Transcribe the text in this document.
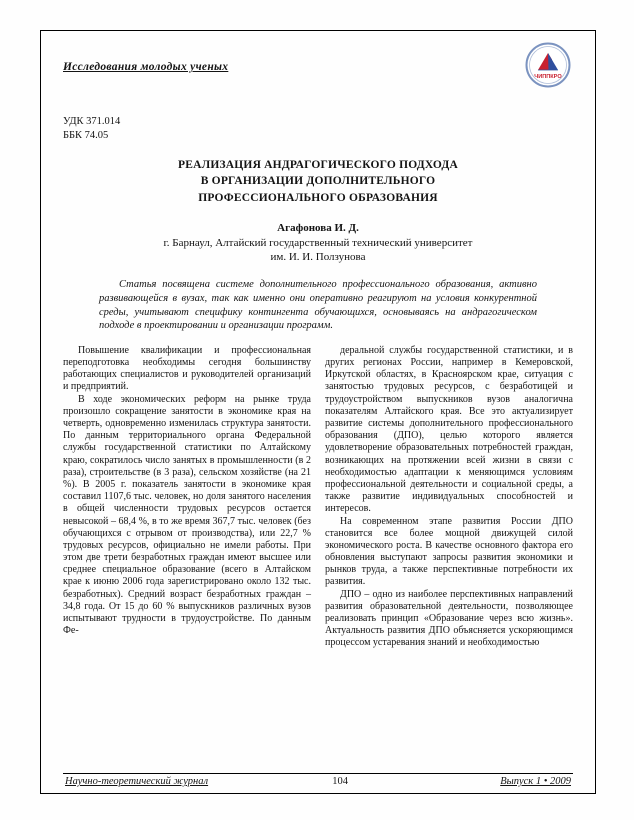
Исследования молодых ученых
ЧИППКРО
УДК 371.014
ББК 74.05
РЕАЛИЗАЦИЯ АНДРАГОГИЧЕСКОГО ПОДХОДА
В ОРГАНИЗАЦИИ ДОПОЛНИТЕЛЬНОГО
ПРОФЕССИОНАЛЬНОГО ОБРАЗОВАНИЯ
Агафонова И. Д.
г. Барнаул, Алтайский государственный технический университет
им. И. И. Ползунова
Статья посвящена системе дополнительного профессионального образования, активно развивающейся в вузах, так как именно они оперативно реагируют на условия конкурентной среды, учитывают специфику контингента обучающихся, основываясь на андрагогическом подходе в проектировании и организации программ.

Повышение квалификации и профессиональная переподготовка необходимы сегодня большинству работающих специалистов и руководителей организаций и предприятий.

В ходе экономических реформ на рынке труда произошло сокращение занятости в экономике края на четверть, одновременно изменилась структура занятости. По данным территориального органа Федеральной службы государственной статистики по Алтайскому краю, сократилось число занятых в промышленности (в 2 раза), строительстве (в 3 раза), сельском хозяйстве (на 21 %). В 2005 г. показатель занятости в экономике края составил 1107,6 тыс. человек, но доля занятого населения в общей численности трудовых ресурсов остается невысокой – 68,4 %, в то же время 367,7 тыс. человек (без обучающихся с отрывом от производства), или 22,7 % трудовых ресурсов, официально не имели работы. При этом две трети безработных граждан имеют высшее или среднее специальное образование (всего в Алтайском крае к июню 2006 года зарегистрировано около 132 тыс. безработных). Средний возраст безработных граждан – 34,8 года. От 15 до 60 % выпускников различных вузов испытывают трудности в трудоустройстве. По данным Фе-

деральной службы государственной статистики, и в других регионах России, например в Кемеровской, Иркутской областях, в Красноярском крае, ситуация с занятостью трудовых ресурсов, с безработицей и трудоустройством выпускников вузов аналогична показателям Алтайского края. Все это актуализирует развитие системы дополнительного профессионального образования (ДПО), целью которого является удовлетворение образовательных потребностей граждан, возникающих на протяжении всей жизни в связи с необходимостью адаптации к меняющимся условиям профессиональной деятельности и социальной среды, а также развитие индивидуальных способностей и интересов.

На современном этапе развития России ДПО становится все более мощной движущей силой экономического роста. В качестве основного фактора его обновления выступают запросы развития экономики и рынков труда, а также перспективные потребности их развития.

ДПО – одно из наиболее перспективных направлений развития образовательной деятельности, позволяющее реализовать принцип «Образование через всю жизнь». Актуальность развития ДПО объясняется ускоряющимся процессом устаревания знаний и необходимостью

Научно-теоретический журнал	104	Выпуск 1 • 2009
